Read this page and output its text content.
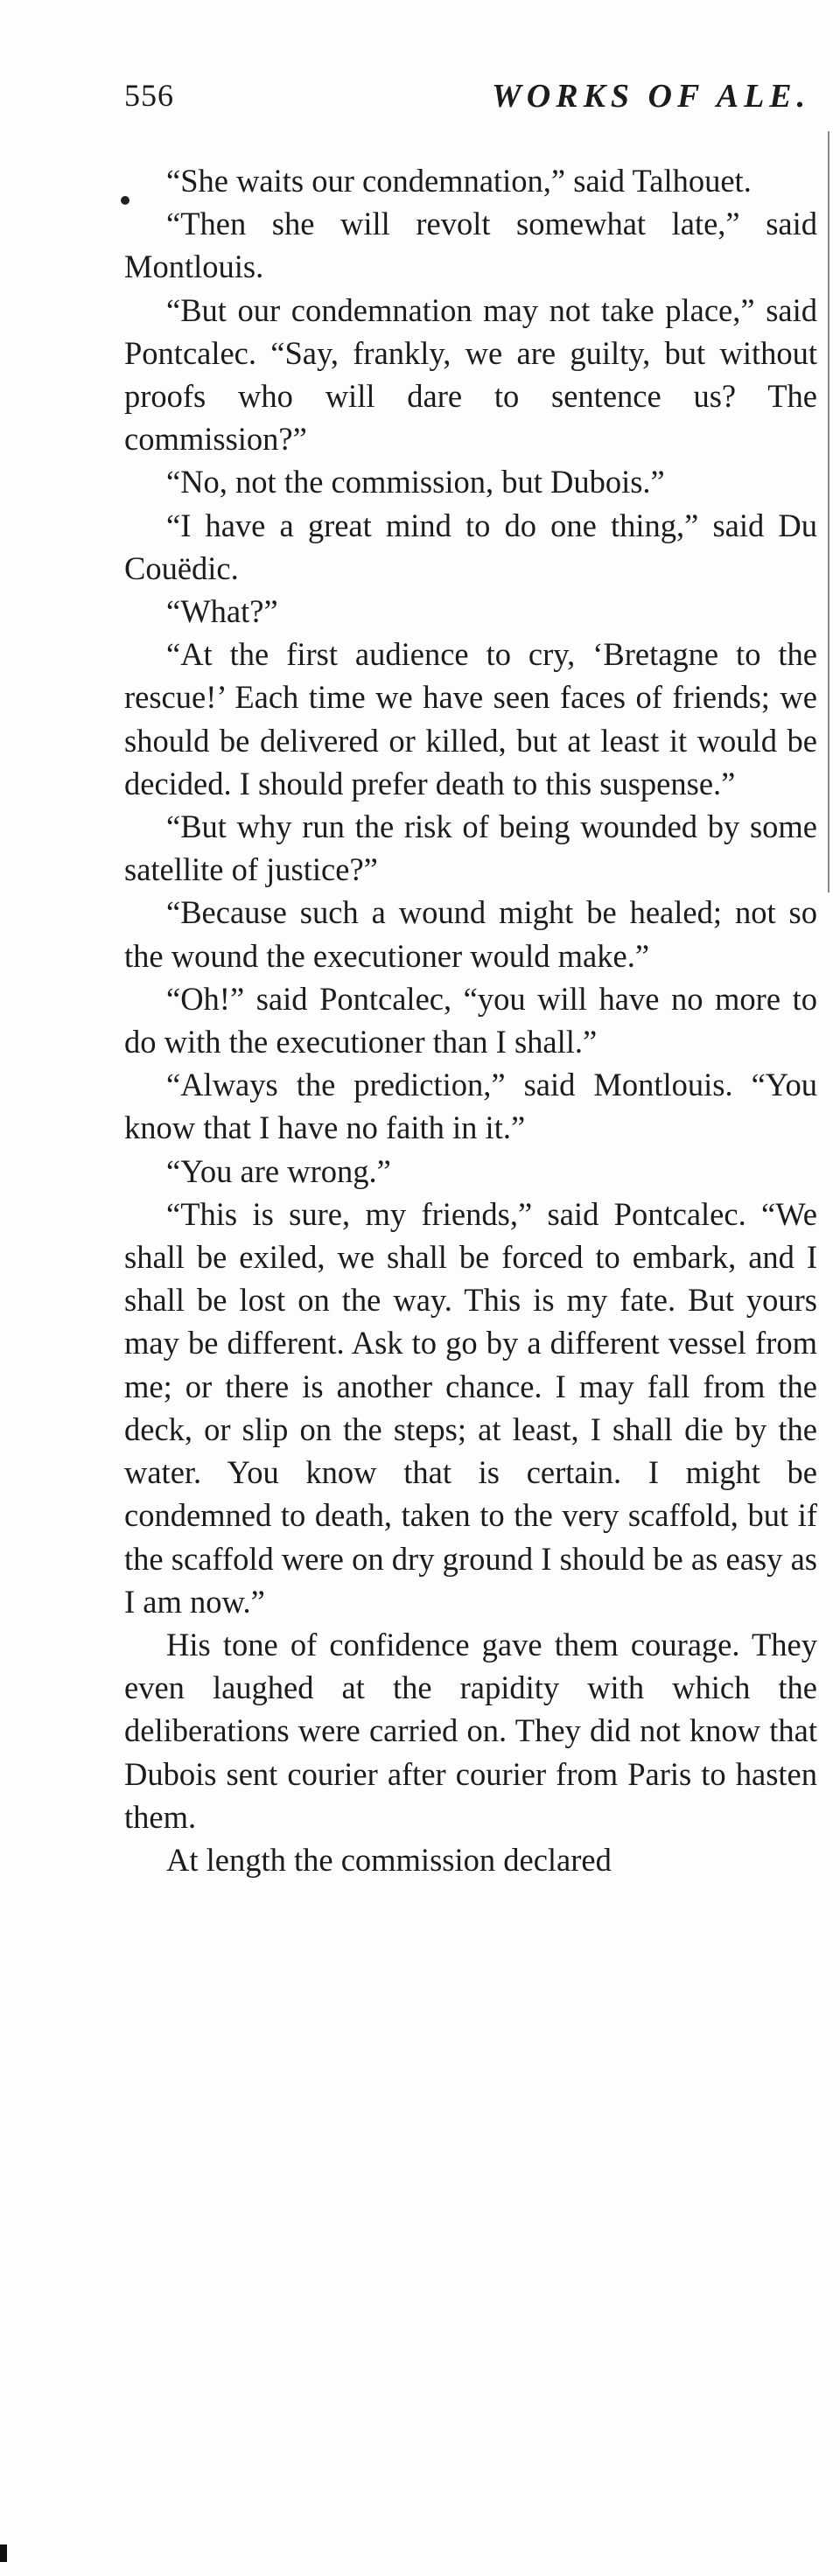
556	WORKS OF ALE.

“She waits our condemnation,” said Talhouet.

“Then she will revolt somewhat late,” said Montlouis.

“But our condemnation may not take place,” said Pontcalec. “Say, frankly, we are guilty, but without proofs who will dare to sentence us? The commission?”

“No, not the commission, but Dubois.”

“I have a great mind to do one thing,” said Du Couëdic.

“What?”

“At the first audience to cry, ‘Bretagne to the rescue!’ Each time we have seen faces of friends; we should be delivered or killed, but at least it would be decided. I should prefer death to this suspense.”

“But why run the risk of being wounded by some satellite of justice?”

“Because such a wound might be healed; not so the wound the executioner would make.”

“Oh!” said Pontcalec, “you will have no more to do with the executioner than I shall.”

“Always the prediction,” said Montlouis. “You know that I have no faith in it.”

“You are wrong.”

“This is sure, my friends,” said Pontcalec. “We shall be exiled, we shall be forced to embark, and I shall be lost on the way. This is my fate. But yours may be different. Ask to go by a different vessel from me; or there is another chance. I may fall from the deck, or slip on the steps; at least, I shall die by the water. You know that is certain. I might be condemned to death, taken to the very scaffold, but if the scaffold were on dry ground I should be as easy as I am now.”

His tone of confidence gave them courage. They even laughed at the rapidity with which the deliberations were carried on. They did not know that Dubois sent courier after courier from Paris to hasten them.

At length the commission declared
